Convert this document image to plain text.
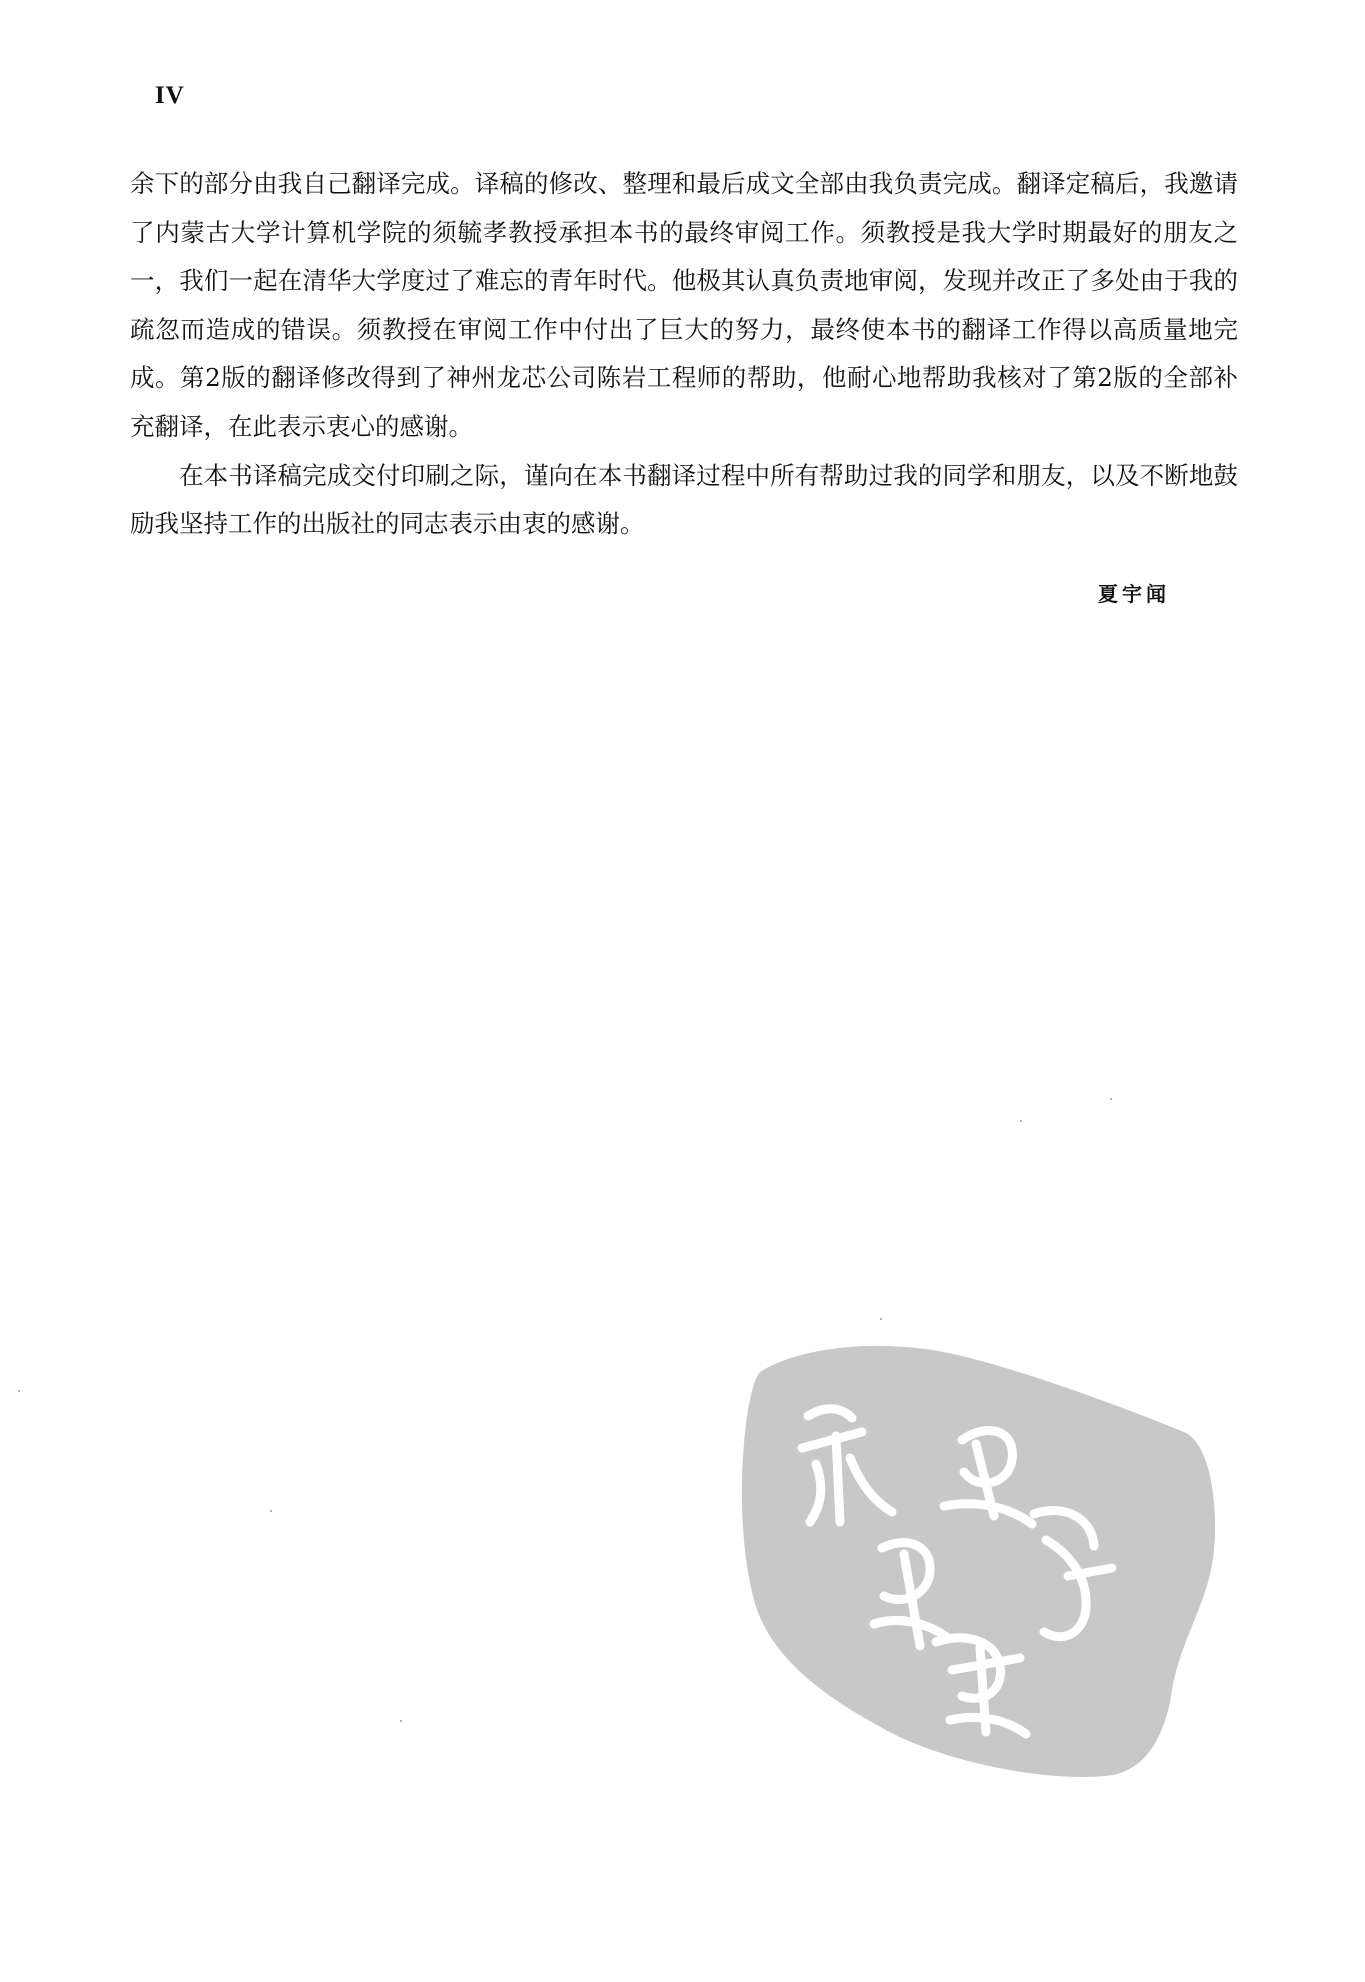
IV

余下的部分由我自己翻译完成。译稿的修改、整理和最后成文全部由我负责完成。翻译定稿后，我邀请了内蒙古大学计算机学院的须毓孝教授承担本书的最终审阅工作。须教授是我大学时期最好的朋友之一，我们一起在清华大学度过了难忘的青年时代。他极其认真负责地审阅，发现并改正了多处由于我的疏忽而造成的错误。须教授在审阅工作中付出了巨大的努力，最终使本书的翻译工作得以高质量地完成。第2版的翻译修改得到了神州龙芯公司陈岩工程师的帮助，他耐心地帮助我核对了第2版的全部补充翻译，在此表示衷心的感谢。

在本书译稿完成交付印刷之际，谨向在本书翻译过程中所有帮助过我的同学和朋友，以及不断地鼓励我坚持工作的出版社的同志表示由衷的感谢。

夏宇闻
